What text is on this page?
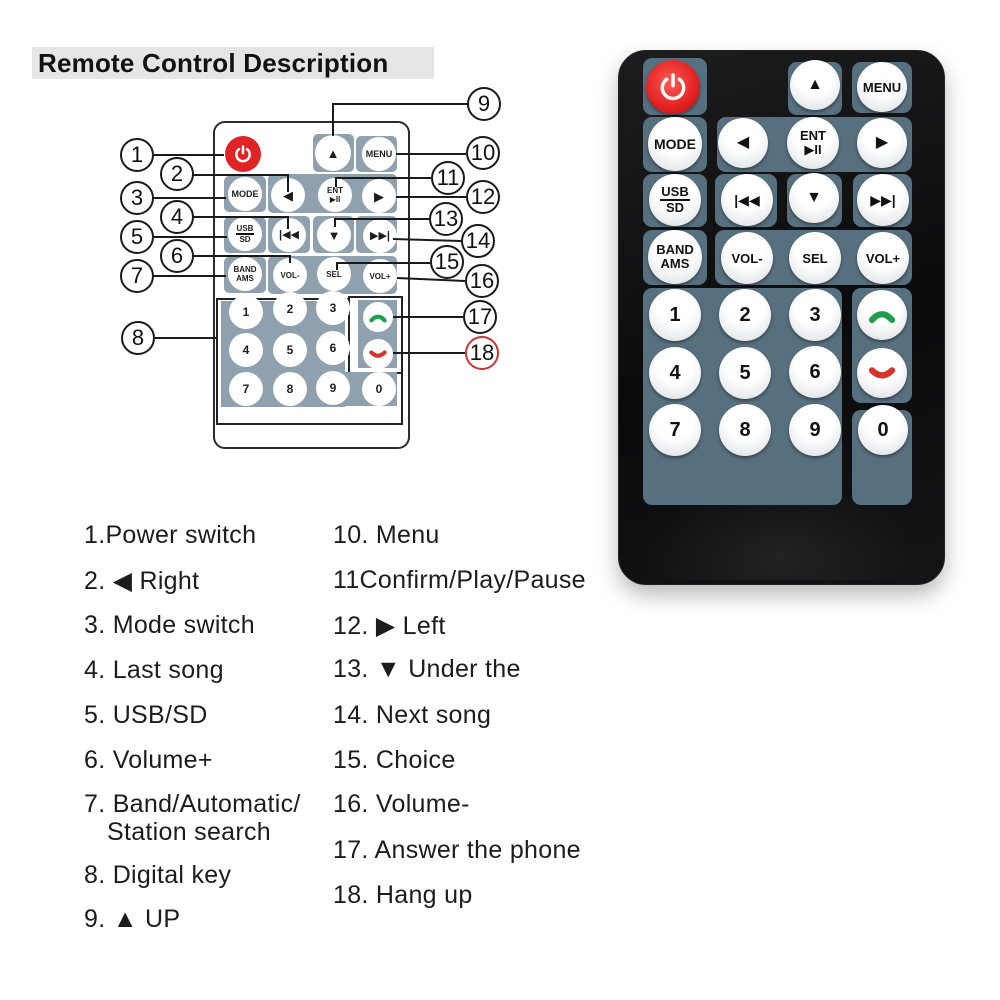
Remote Control Description
▲	MENU
MODE ◀	ENT
▶II	▶
USB
SD	|◀◀ ▼	▶▶|
BAND
AMS	VOL-	SEL	VOL+
1	2	3
4	5	6
7	8	9	0
1
2
3
4
5
6
7
8
9
10
11
12
13
14
15
16
17
18
▲	MENU
MODE	◀	ENT
▶II	▶
USB
SD	|◀◀	▼	▶▶|
BAND
AMS	VOL-	SEL	VOL+
1	2	3
4	5	6
7	8	9	0
1.Power switch
2. ◀ Right
3. Mode switch
4. Last song
5. USB/SD
6. Volume+
7. Band/Automatic/
Station search
8. Digital key
9. ▲ UP
10. Menu
11Confirm/Play/Pause
12. ▶ Left
13. ▼ Under the
14. Next song
15. Choice
16. Volume-
17. Answer the phone
18. Hang up
